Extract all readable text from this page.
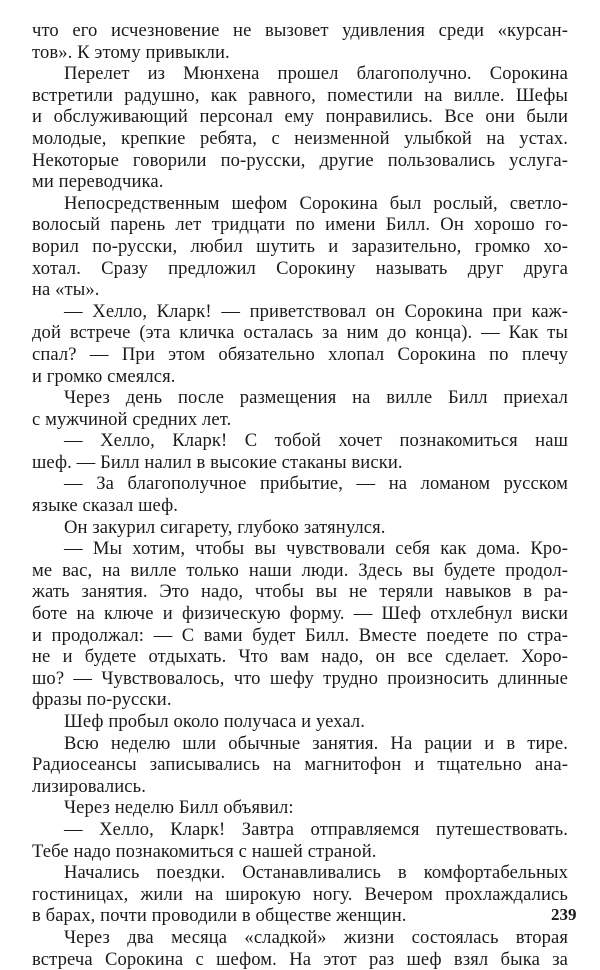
что его исчезновение не вызовет удивления среди «курсан-
тов». К этому привыкли.
Перелет из Мюнхена прошел благополучно. Сорокина
встретили радушно, как равного, поместили на вилле. Шефы
и обслуживающий персонал ему понравились. Все они были
молодые, крепкие ребята, с неизменной улыбкой на устах.
Некоторые говорили по-русски, другие пользовались услуга-
ми переводчика.
Непосредственным шефом Сорокина был рослый, светло-
волосый парень лет тридцати по имени Билл. Он хорошо го-
ворил по-русски, любил шутить и заразительно, громко хо-
хотал. Сразу предложил Сорокину называть друг друга
на «ты».
— Хелло, Кларк! — приветствовал он Сорокина при каж-
дой встрече (эта кличка осталась за ним до конца). — Как ты
спал? — При этом обязательно хлопал Сорокина по плечу
и громко смеялся.
Через день после размещения на вилле Билл приехал
с мужчиной средних лет.
— Хелло, Кларк! С тобой хочет познакомиться наш
шеф. — Билл налил в высокие стаканы виски.
— За благополучное прибытие, — на ломаном русском
языке сказал шеф.
Он закурил сигарету, глубоко затянулся.
— Мы хотим, чтобы вы чувствовали себя как дома. Кро-
ме вас, на вилле только наши люди. Здесь вы будете продол-
жать занятия. Это надо, чтобы вы не теряли навыков в ра-
боте на ключе и физическую форму. — Шеф отхлебнул виски
и продолжал: — С вами будет Билл. Вместе поедете по стра-
не и будете отдыхать. Что вам надо, он все сделает. Хоро-
шо? — Чувствовалось, что шефу трудно произносить длинные
фразы по-русски.
Шеф пробыл около получаса и уехал.
Всю неделю шли обычные занятия. На рации и в тире.
Радиосеансы записывались на магнитофон и тщательно ана-
лизировались.
Через неделю Билл объявил:
— Хелло, Кларк! Завтра отправляемся путешествовать.
Тебе надо познакомиться с нашей страной.
Начались поездки. Останавливались в комфортабельных
гостиницах, жили на широкую ногу. Вечером прохлаждались
в барах, почти проводили в обществе женщин.
Через два месяца «сладкой» жизни состоялась вторая
встреча Сорокина с шефом. На этот раз шеф взял быка за
239
